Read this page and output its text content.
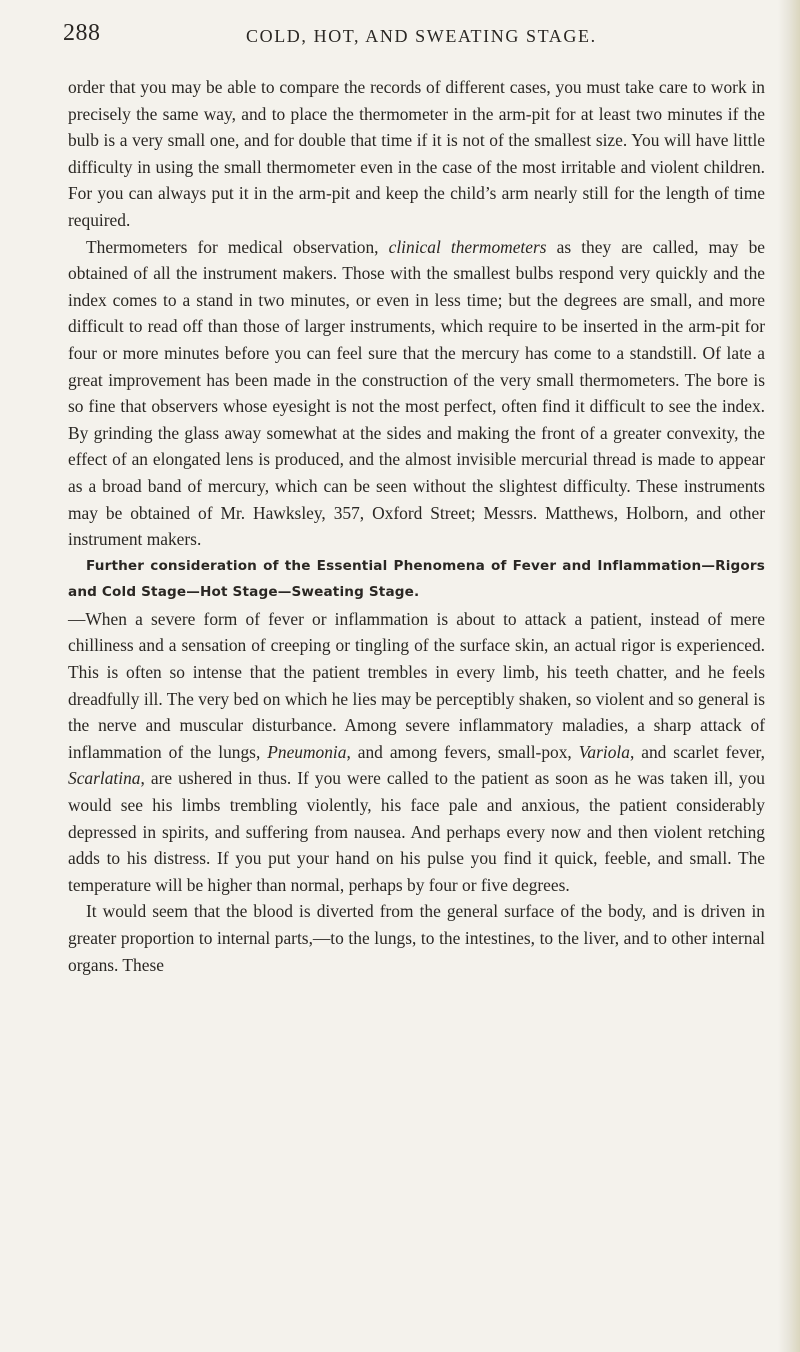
288	COLD, HOT, AND SWEATING STAGE.

order that you may be able to compare the records of different cases, you must take care to work in precisely the same way, and to place the thermometer in the arm-pit for at least two minutes if the bulb is a very small one, and for double that time if it is not of the smallest size. You will have little difficulty in using the small thermometer even in the case of the most irritable and violent children. For you can always put it in the arm-pit and keep the child’s arm nearly still for the length of time required.

Thermometers for medical observation, clinical thermometers as they are called, may be obtained of all the instrument makers. Those with the smallest bulbs respond very quickly and the index comes to a stand in two minutes, or even in less time; but the degrees are small, and more difficult to read off than those of larger instruments, which require to be inserted in the arm-pit for four or more minutes before you can feel sure that the mercury has come to a standstill. Of late a great improvement has been made in the construction of the very small thermometers. The bore is so fine that observers whose eyesight is not the most perfect, often find it difficult to see the index. By grinding the glass away somewhat at the sides and making the front of a greater convexity, the effect of an elongated lens is produced, and the almost invisible mercurial thread is made to appear as a broad band of mercury, which can be seen without the slightest difficulty. These instruments may be obtained of Mr. Hawksley, 357, Oxford Street; Messrs. Matthews, Holborn, and other instrument makers.

Further consideration of the Essential Phenomena of Fever and Inflammation—Rigors and Cold Stage—Hot Stage—Sweating Stage.

—When a severe form of fever or inflammation is about to attack a patient, instead of mere chilliness and a sensation of creeping or tingling of the surface skin, an actual rigor is experienced. This is often so intense that the patient trembles in every limb, his teeth chatter, and he feels dreadfully ill. The very bed on which he lies may be perceptibly shaken, so violent and so general is the nerve and muscular disturbance. Among severe inflammatory maladies, a sharp attack of inflammation of the lungs, Pneumonia, and among fevers, small-pox, Variola, and scarlet fever, Scarlatina, are ushered in thus. If you were called to the patient as soon as he was taken ill, you would see his limbs trembling violently, his face pale and anxious, the patient considerably depressed in spirits, and suffering from nausea. And perhaps every now and then violent retching adds to his distress. If you put your hand on his pulse you find it quick, feeble, and small. The temperature will be higher than normal, perhaps by four or five degrees.

It would seem that the blood is diverted from the general surface of the body, and is driven in greater proportion to internal parts,—to the lungs, to the intestines, to the liver, and to other internal organs. These
